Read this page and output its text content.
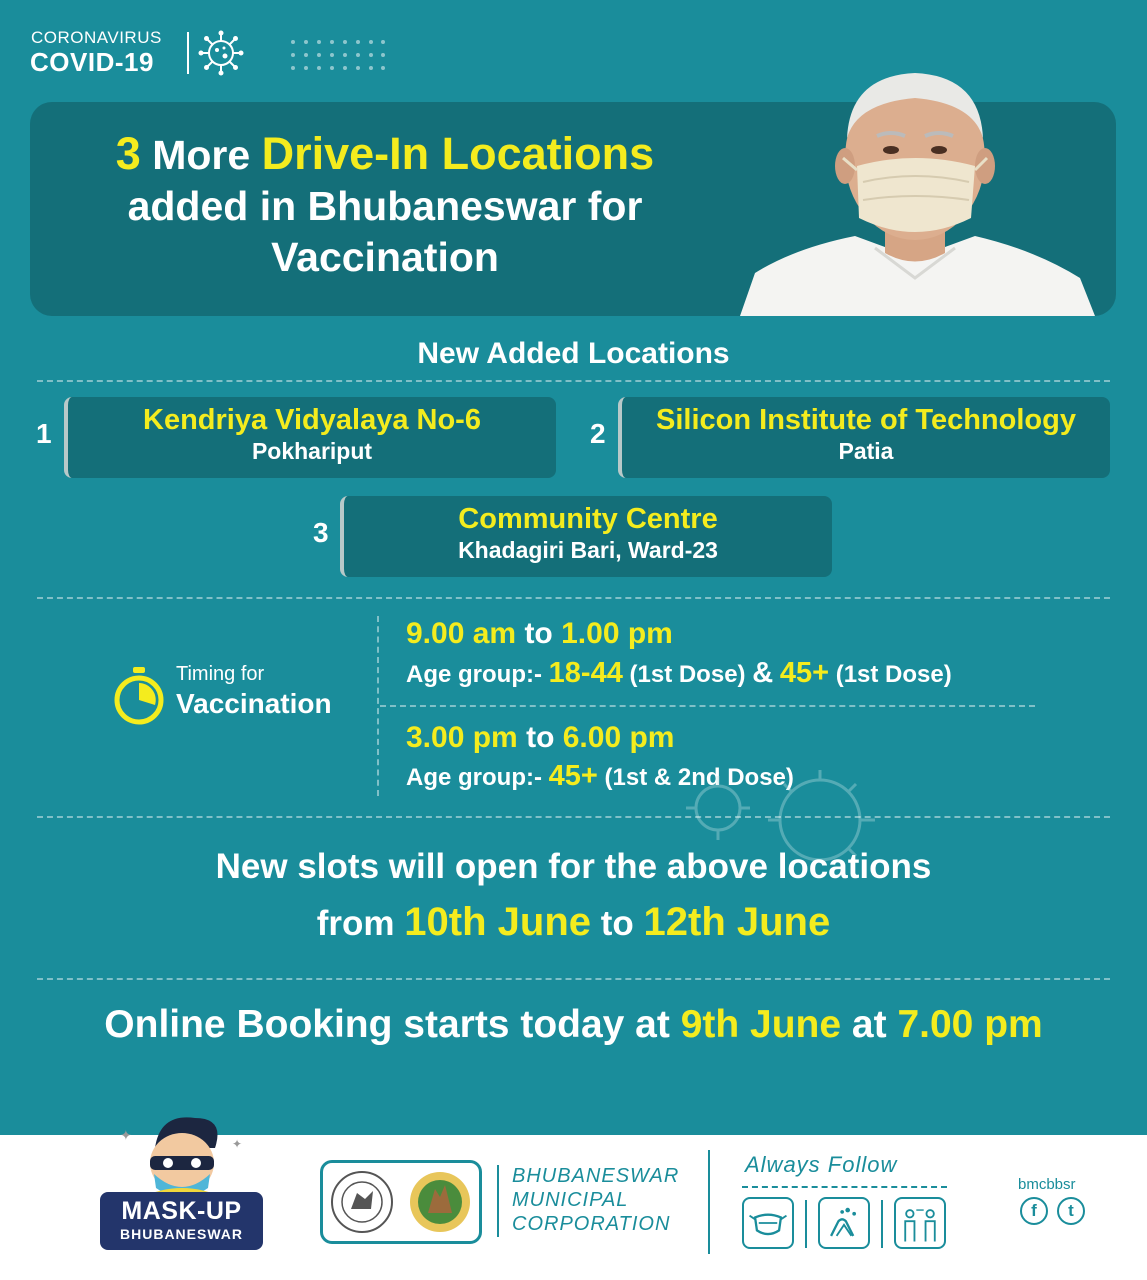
CORONAVIRUS
COVID-19
3 More Drive-In Locations
added in Bhubaneswar for
Vaccination
New Added Locations
1	Kendriya Vidyalaya No-6
Pokhariput
2	Silicon Institute of Technology
Patia
3	Community Centre
Khadagiri Bari, Ward-23
Timing for
Vaccination
9.00 am to 1.00 pm
Age group:- 18-44 (1st Dose) & 45+ (1st Dose)
3.00 pm to 6.00 pm
Age group:- 45+ (1st & 2nd Dose)
New slots will open for the above locations
from 10th June to 12th June
Online Booking starts today at 9th June at 7.00 pm
✦
✦
MASK-UP
BHUBANESWAR
BHUBANESWAR
MUNICIPAL
CORPORATION
Always Follow
bmcbbsr
f	t
